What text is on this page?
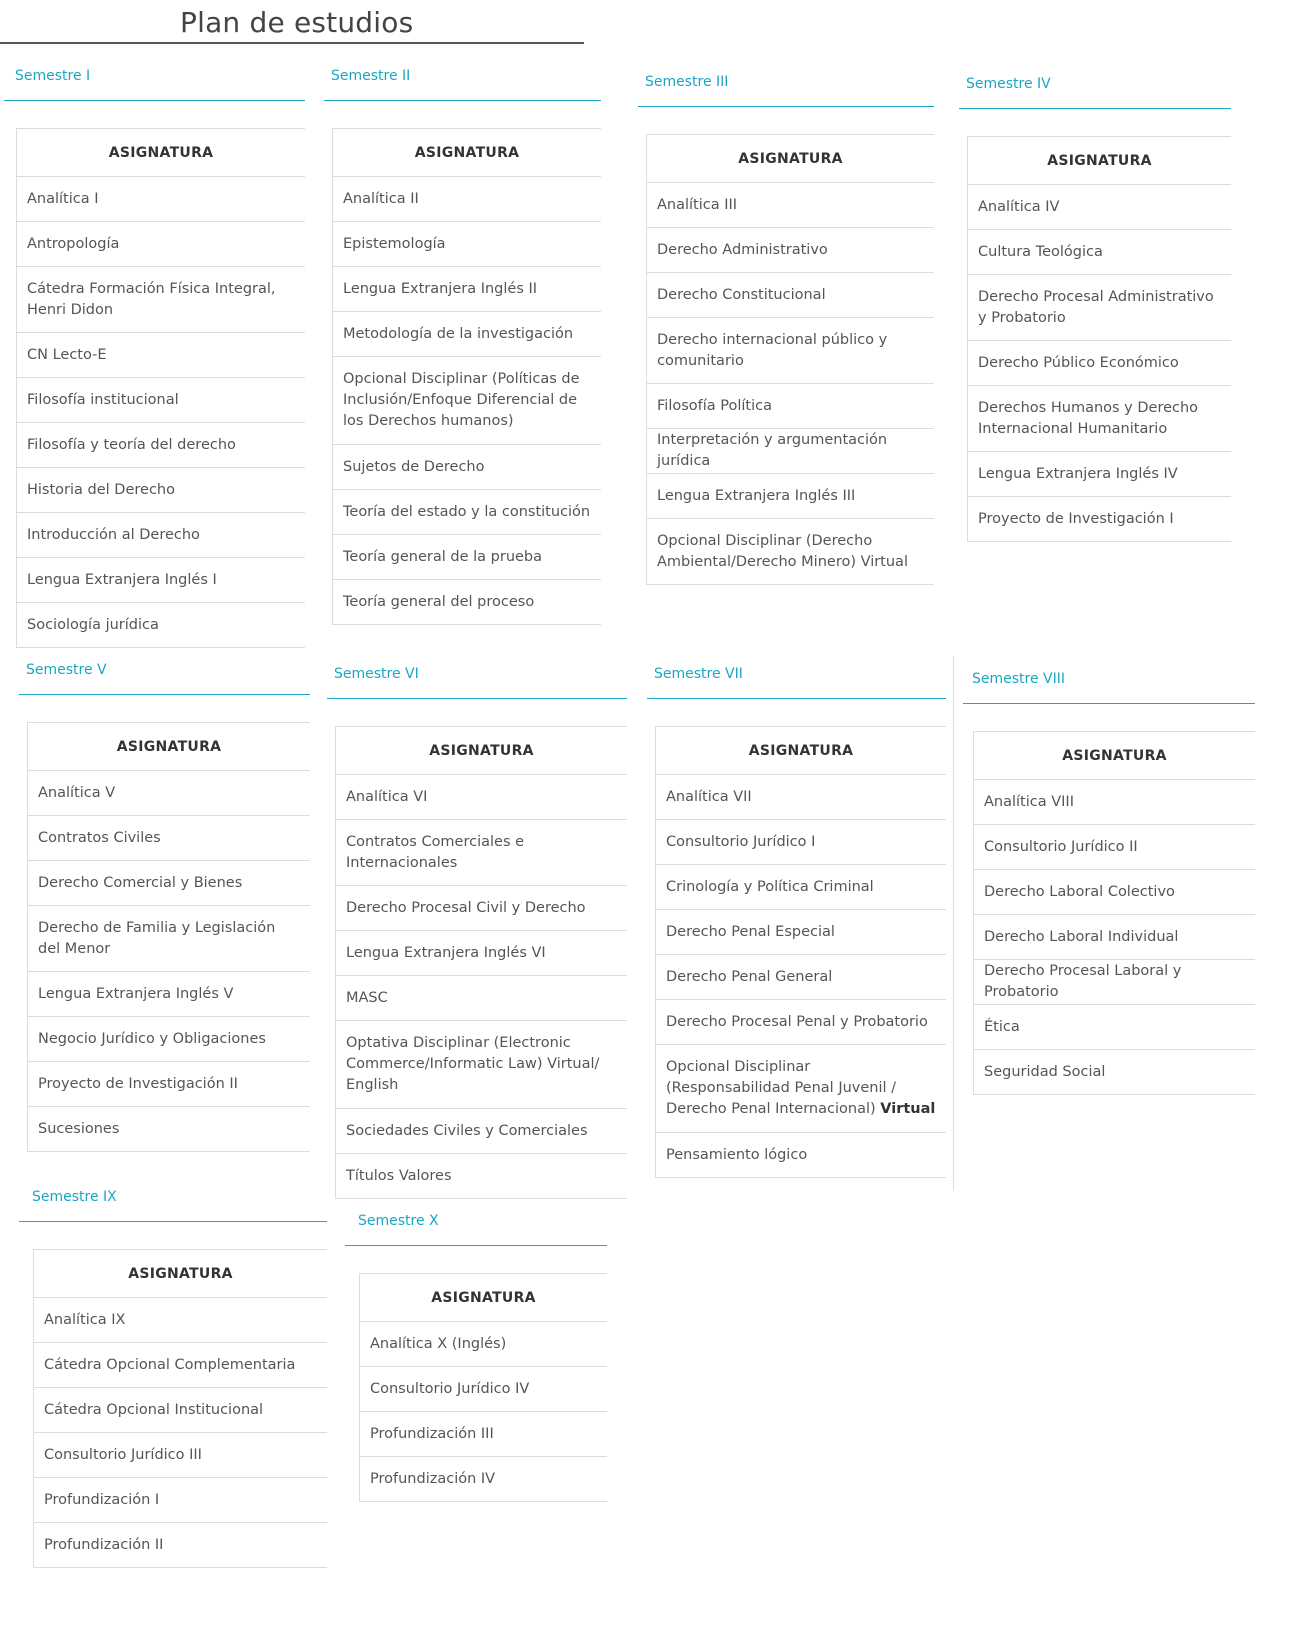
Plan de estudios
Semestre I
ASIGNATURA
Analítica I
Antropología
Cátedra Formación Física Integral, Henri Didon
CN Lecto-E
Filosofía institucional
Filosofía y teoría del derecho
Historia del Derecho
Introducción al Derecho
Lengua Extranjera Inglés I
Sociología jurídica
Semestre II
ASIGNATURA
Analítica II
Epistemología
Lengua Extranjera Inglés II
Metodología de la investigación
Opcional Disciplinar (Políticas de Inclusión/Enfoque Diferencial de los Derechos humanos)
Sujetos de Derecho
Teoría del estado y la constitución
Teoría general de la prueba
Teoría general del proceso
Semestre III
ASIGNATURA
Analítica III
Derecho Administrativo
Derecho Constitucional
Derecho internacional público y comunitario
Filosofía Política
Interpretación y argumentación jurídica
Lengua Extranjera Inglés III
Opcional Disciplinar (Derecho Ambiental/Derecho Minero) Virtual
Semestre IV
ASIGNATURA
Analítica IV
Cultura Teológica
Derecho Procesal Administrativo y Probatorio
Derecho Público Económico
Derechos Humanos y Derecho Internacional Humanitario
Lengua Extranjera Inglés IV
Proyecto de Investigación I
Semestre V
ASIGNATURA
Analítica V
Contratos Civiles
Derecho Comercial y Bienes
Derecho de Familia y Legislación del Menor
Lengua Extranjera Inglés V
Negocio Jurídico y Obligaciones
Proyecto de Investigación II
Sucesiones
Semestre VI
ASIGNATURA
Analítica VI
Contratos Comerciales e Internacionales
Derecho Procesal Civil y Derecho
Lengua Extranjera Inglés VI
MASC
Optativa Disciplinar (Electronic Commerce/Informatic Law) Virtual/ English
Sociedades Civiles y Comerciales
Títulos Valores
Semestre VII
ASIGNATURA
Analítica VII
Consultorio Jurídico I
Crinología y Política Criminal
Derecho Penal Especial
Derecho Penal General
Derecho Procesal Penal y Probatorio
Opcional Disciplinar (Responsabilidad Penal Juvenil / Derecho Penal Internacional) Virtual
Pensamiento lógico
Semestre VIII
ASIGNATURA
Analítica VIII
Consultorio Jurídico II
Derecho Laboral Colectivo
Derecho Laboral Individual
Derecho Procesal Laboral y Probatorio
Ética
Seguridad Social
Semestre IX
ASIGNATURA
Analítica IX
Cátedra Opcional Complementaria
Cátedra Opcional Institucional
Consultorio Jurídico III
Profundización I
Profundización II
Semestre X
ASIGNATURA
Analítica X (Inglés)
Consultorio Jurídico IV
Profundización III
Profundización IV
